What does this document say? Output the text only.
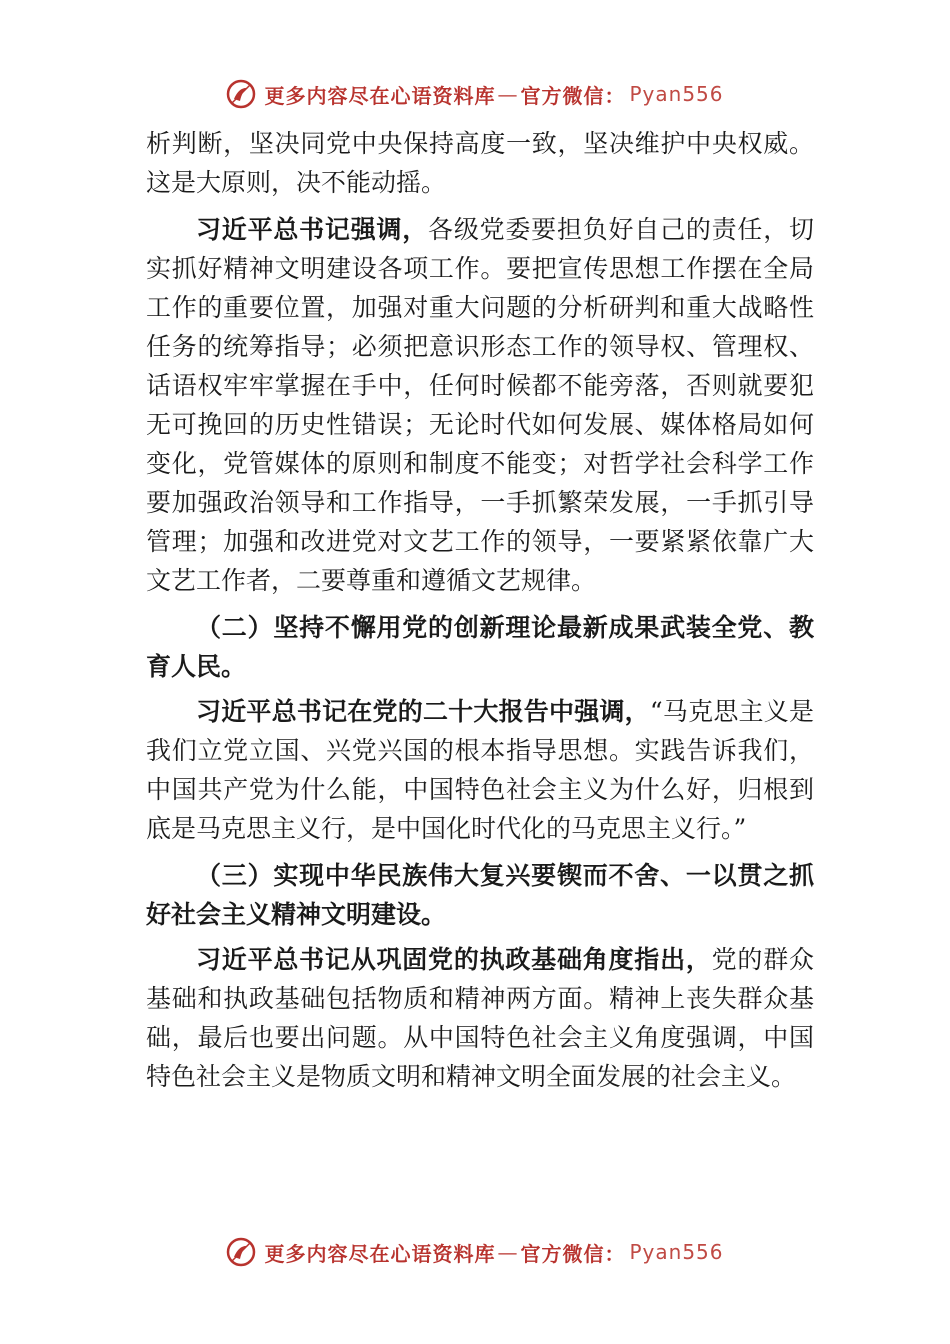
更多内容尽在心语资料库 — 官方微信： Pyan556

析判断，坚决同党中央保持高度一致，坚决维护中央权威。 这是大原则，决不能动摇。

习近平总书记强调，各级党委要担负好自己的责任，切实抓好精神文明建设各项工作。要把宣传思想工作摆在全局工作的重要位置，加强对重大问题的分析研判和重大战略性任务的统筹指导；必须把意识形态工作的领导权、管理权、 话语权牢牢掌握在手中，任何时候都不能旁落，否则就要犯无可挽回的历史性错误；无论时代如何发展、媒体格局如何变化，党管媒体的原则和制度不能变；对哲学社会科学工作要加强政治领导和工作指导，一手抓繁荣发展，一手抓引导管理；加强和改进党对文艺工作的领导，一要紧紧依靠广大文艺工作者，二要尊重和遵循文艺规律。

（二）坚持不懈用党的创新理论最新成果武装全党、教育人民。

习近平总书记在党的二十大报告中强调，“马克思主义是我们立党立国、兴党兴国的根本指导思想。实践告诉我们，中国共产党为什么能，中国特色社会主义为什么好，归根到底是马克思主义行，是中国化时代化的马克思主义行。”

（三）实现中华民族伟大复兴要锲而不舍、一以贯之抓好社会主义精神文明建设。

习近平总书记从巩固党的执政基础角度指出，党的群众基础和执政基础包括物质和精神两方面。精神上丧失群众基础，最后也要出问题。从中国特色社会主义角度强调，中国特色社会主义是物质文明和精神文明全面发展的社会主义。

更多内容尽在心语资料库 — 官方微信： Pyan556
